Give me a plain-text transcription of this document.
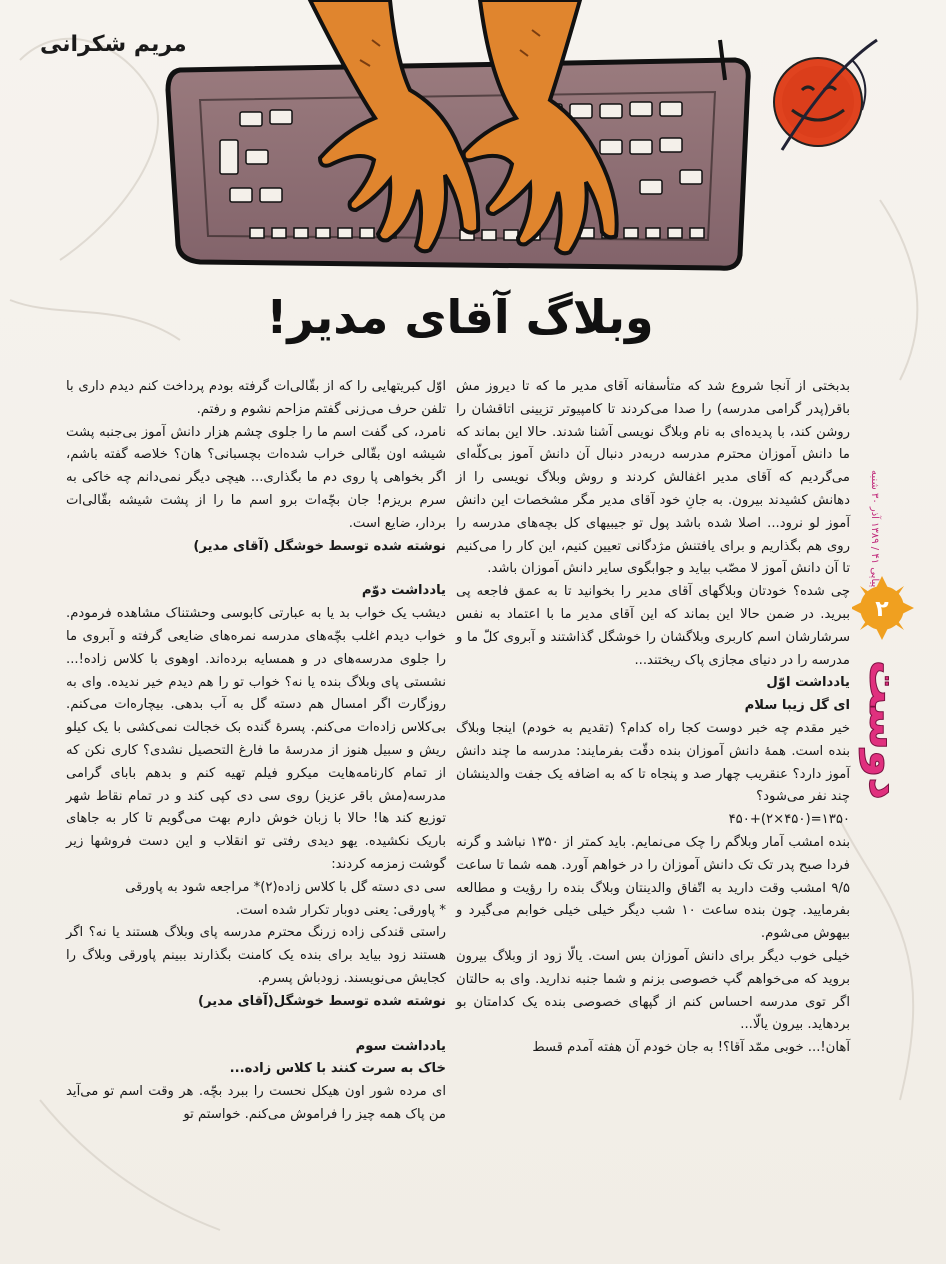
مریم شکرانی
وبلاگ آقای مدیر!
پیاپی ۴۱ / ۱۳۸۹ آذر ۳۰ شنبه
۲
دوست

بدبختی از آنجا شروع شد که متأسفانه آقای مدیر ما که تا دیروز مش باقر(پدر گرامی مدرسه) را صدا می‌کردند تا کامپیوتر تزیینی اتاقشان را روشن کند، با پدیده‌ای به نام وبلاگ نویسی آشنا شدند. حالا این بماند که ما دانش آموزان محترم مدرسه دربه‌در دنبال آن دانش آموز بی‌کلّه‌ای می‌گردیم که آقای مدیر اغفالش کردند و روش وبلاگ نویسی را از دهانش کشیدند بیرون. به جانِ خود آقای مدیر مگر مشخصات این دانش آموز لو نرود... اصلا شده باشد پول تو جیبیهای کل بچه‌های مدرسه را روی هم بگذاریم و برای یافتنش مژدگانی تعیین کنیم، این کار را می‌کنیم تا آن دانش آموز لا مصّب بیاید و جوابگوی سایر دانش آموزان باشد.

چی شده؟ خودتان وبلاگهای آقای مدیر را بخوانید تا به عمق فاجعه پی ببرید. در ضمن حالا این بماند که این آقای مدیر ما با اعتماد به نفس سرشارشان اسم کاربری وبلاگشان را خوشگل گذاشتند و آبروی کلّ ما و مدرسه را در دنیای مجازی پاک ریختند...

یادداشت اوّل

ای گل زیبا سلام

خیر مقدم چه خبر دوست کجا راه کدام؟ (تقدیم به خودم) اینجا وبلاگ بنده است. همهٔ دانش آموزان بنده دقّت بفرمایند: مدرسه ما چند دانش آموز دارد؟ عنقریب چهار صد و پنجاه تا که به اضافه یک جفت والدینشان چند نفر می‌شود؟

۱۳۵۰=(۴۵۰×۲)+۴۵۰

بنده امشب آمار وبلاگم را چک می‌نمایم. باید کمتر از ۱۳۵۰ نباشد و گرنه فردا صبح پدر تک تک دانش آموزان را در خواهم آورد. همه شما تا ساعت ۹/۵ امشب وقت دارید به اتّفاق والدینتان وبلاگ بنده را رؤیت و مطالعه بفرمایید. چون بنده ساعت ۱۰ شب دیگر خیلی خیلی خوابم می‌گیرد و بیهوش می‌شوم.

خیلی خوب دیگر برای دانش آموزان بس است. یالّا زود از وبلاگ بیرون بروید که می‌خواهم گپ خصوصی بزنم و شما جنبه ندارید. وای به حالتان اگر توی مدرسه احساس کنم از گپهای خصوصی بنده یک کدامتان بو بردهاید. بیرون یالّا...

آهان!... خوبی ممّد آقا؟! به جان خودم آن هفته آمدم قسط

اوّل کبریتهایی را که از بقّالی‌ات گرفته بودم پرداخت کنم دیدم داری با تلفن حرف می‌زنی گفتم مزاحم نشوم و رفتم.

نامرد، کی گفت اسم ما را جلوی چشم هزار دانش آموز بی‌جنبه پشت شیشه اون بقّالی خراب شده‌ات بچسبانی؟ هان؟ خلاصه گفته باشم، اگر بخواهی پا روی دم ما بگذاری... هیچی دیگر نمی‌دانم چه خاکی به سرم بریزم! جان بچّه‌ات برو اسم ما را از پشت شیشه بقّالی‌ات بردار، ضایع است.

نوشته شده توسط خوشگل (آقای مدیر)

یادداشت دوّم

دیشب یک خواب بد یا به عبارتی کابوسی وحشتناک مشاهده فرمودم. خواب دیدم اغلب بچّه‌های مدرسه نمره‌های ضایعی گرفته و آبروی ما را جلوی مدرسه‌های در و همسایه برده‌اند. اوهوی با کلاس زاده!... نشستی پای وبلاگ بنده یا نه؟ خواب تو را هم دیدم خیر ندیده. وای به روزگارت اگر امسال هم دسته گل به آب بدهی. بیچاره‌ات می‌کنم. بی‌کلاس زاده‌ات می‌کنم. پسرهٔ گنده بک خجالت نمی‌کشی با یک کیلو ریش و سبیل هنوز از مدرسهٔ ما فارغ التحصیل نشدی؟ کاری نکن که از تمام کارنامه‌هایت میکرو فیلم تهیه کنم و بدهم بابای گرامی مدرسه(مش باقر عزیز) روی سی دی کپی کند و در تمام نقاط شهر توزیع کند ها! حالا با زبان خوش دارم بهت می‌گویم تا کار به جاهای باریک نکشیده. یهو دیدی رفتی تو انقلاب و این دست فروشها زیر گوشت زمزمه کردند:

سی دی دسته گل با کلاس زاده(۲)* مراجعه شود به پاورقی

* پاورقی: یعنی دوبار تکرار شده است.

راستی قندکی زاده زرنگ محترم مدرسه پای وبلاگ هستند یا نه؟ اگر هستند زود بیاید برای بنده یک کامنت بگذارند ببینم پاورقی وبلاگ را کجایش می‌نویسند. زودباش پسرم.

نوشته شده توسط خوشگل(آقای مدیر)

یادداشت سوم

خاک به سرت کنند با کلاس زاده...

ای مرده شور اون هیکل نحست را ببرد بچّه. هر وقت اسم تو می‌آید من پاک همه چیز را فراموش می‌کنم. خواستم تو
